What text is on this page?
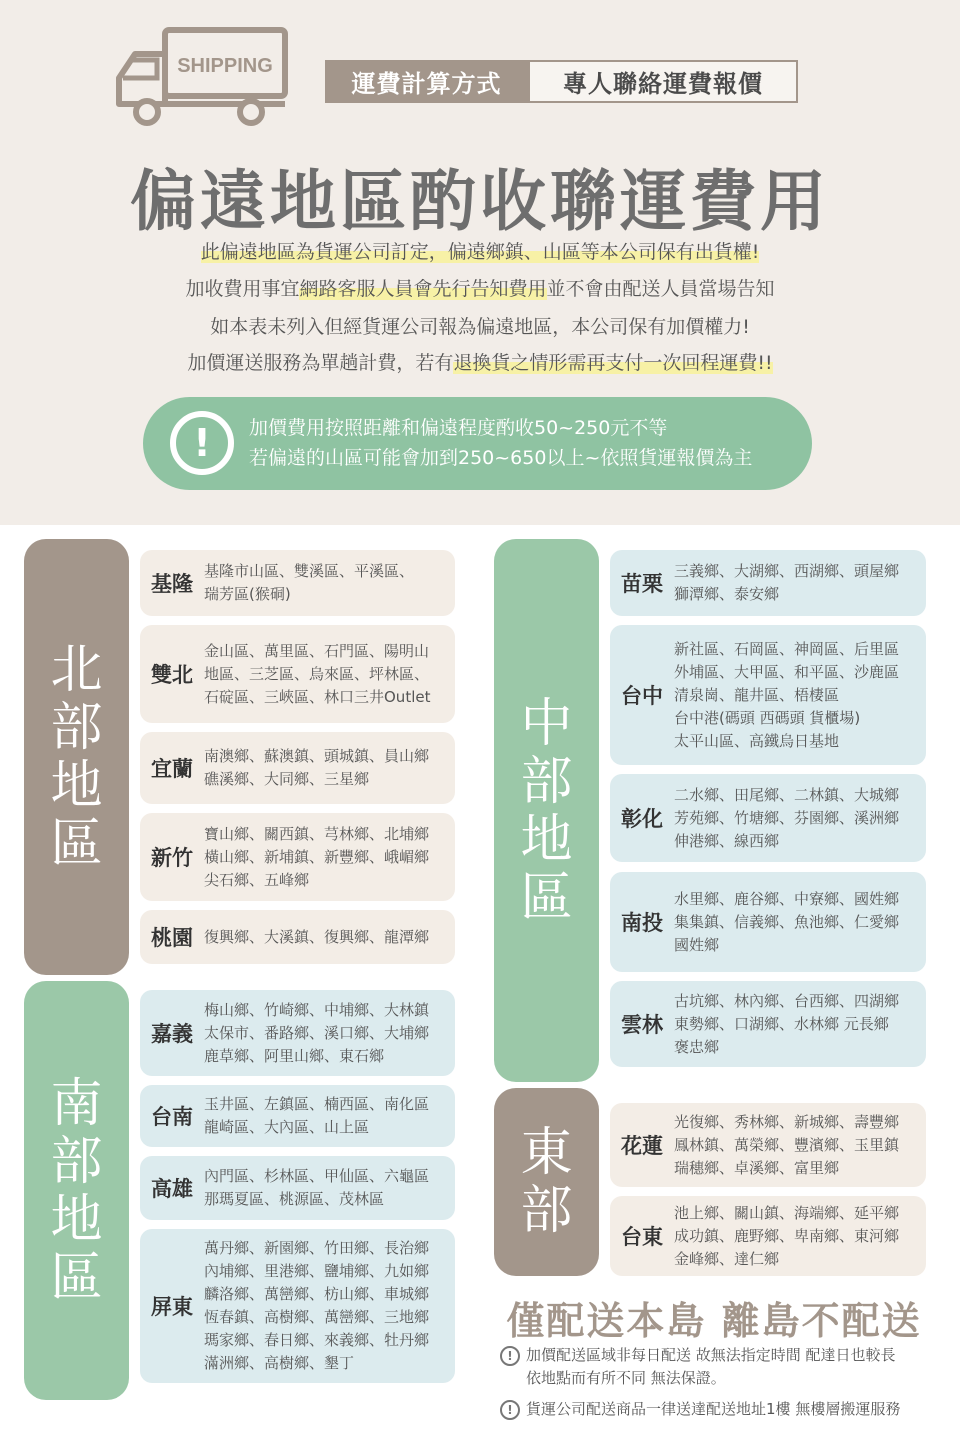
SHIPPING
運費計算方式	專人聯絡運費報價
偏遠地區酌收聯運費用
此偏遠地區為貨運公司訂定，偏遠鄉鎮、山區等本公司保有出貨權!
加收費用事宜網路客服人員會先行告知費用並不會由配送人員當場告知
如本表未列入但經貨運公司報為偏遠地區，本公司保有加價權力!
加價運送服務為單趟計費，若有退換貨之情形需再支付一次回程運費!!
!	加價費用按照距離和偏遠程度酌收50~250元不等
若偏遠的山區可能會加到250~650以上~依照貨運報價為主
北部地區
南部地區
中部地區
東部
基隆
基隆市山區、雙溪區、平溪區、
瑞芳區(猴硐)
雙北
金山區、萬里區、石門區、陽明山
地區、三芝區、烏來區、坪林區、
石碇區、三峽區、林口三井Outlet
宜蘭
南澳鄉、蘇澳鎮、頭城鎮、員山鄉
礁溪鄉、大同鄉、三星鄉
新竹
寶山鄉、關西鎮、芎林鄉、北埔鄉
橫山鄉、新埔鎮、新豐鄉、峨嵋鄉
尖石鄉、五峰鄉
桃園 復興鄉、大溪鎮、復興鄉、龍潭鄉
嘉義
梅山鄉、竹崎鄉、中埔鄉、大林鎮
太保市、番路鄉、溪口鄉、大埔鄉
鹿草鄉、阿里山鄉、東石鄉
台南
玉井區、左鎮區、楠西區、南化區
龍崎區、大內區、山上區
高雄
內門區、杉林區、甲仙區、六龜區
那瑪夏區、桃源區、茂林區
屏東
萬丹鄉、新園鄉、竹田鄉、長治鄉
內埔鄉、里港鄉、鹽埔鄉、九如鄉
麟洛鄉、萬巒鄉、枋山鄉、車城鄉
恆春鎮、高樹鄉、萬巒鄉、三地鄉
瑪家鄉、春日鄉、來義鄉、牡丹鄉
滿洲鄉、高樹鄉、墾丁
苗栗
三義鄉、大湖鄉、西湖鄉、頭屋鄉
獅潭鄉、泰安鄉
台中
新社區、石岡區、神岡區、后里區
外埔區、大甲區、和平區、沙鹿區
清泉崗、龍井區、梧棲區
台中港(碼頭 西碼頭 貨櫃場)
太平山區、高鐵烏日基地
彰化
二水鄉、田尾鄉、二林鎮、大城鄉
芳苑鄉、竹塘鄉、芬園鄉、溪洲鄉
伸港鄉、線西鄉
南投
水里鄉、鹿谷鄉、中寮鄉、國姓鄉
集集鎮、信義鄉、魚池鄉、仁愛鄉
國姓鄉
雲林
古坑鄉、林內鄉、台西鄉、四湖鄉
東勢鄉、口湖鄉、水林鄉 元長鄉
褒忠鄉
花蓮
光復鄉、秀林鄉、新城鄉、壽豐鄉
鳳林鎮、萬榮鄉、豐濱鄉、玉里鎮
瑞穗鄉、卓溪鄉、富里鄉
台東
池上鄉、關山鎮、海端鄉、延平鄉
成功鎮、鹿野鄉、卑南鄉、東河鄉
金峰鄉、達仁鄉
僅配送本島 離島不配送
! 加價配送區域非每日配送 故無法指定時間 配達日也較長
依地點而有所不同 無法保證。
! 貨運公司配送商品一律送達配送地址1樓 無樓層搬運服務
